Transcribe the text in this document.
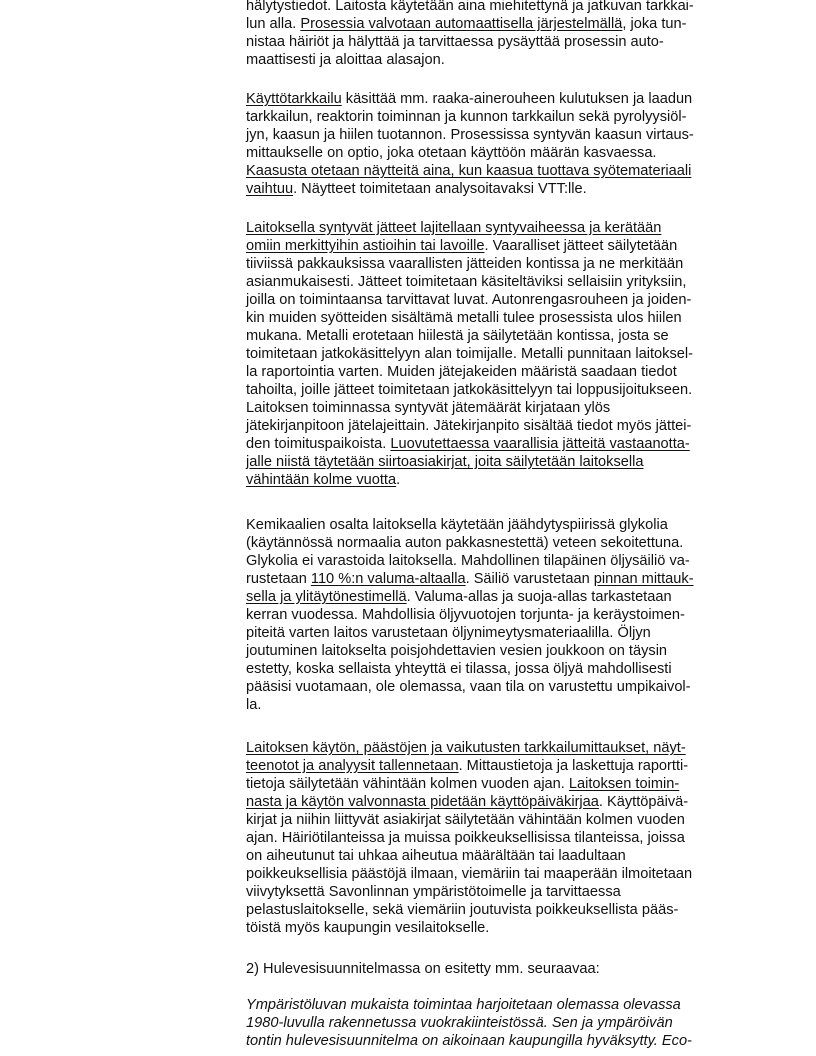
hälytystiedot. Laitosta käytetään aina miehitettynä ja jatkuvan tarkkai-
lun alla. Prosessia valvotaan automaattisella järjestelmällä, joka tun-
nistaa häiriöt ja hälyttää ja tarvittaessa pysäyttää prosessin auto-
maattisesti ja aloittaa alasajon.
Käyttötarkkailu käsittää mm. raaka-ainerouheen kulutuksen ja laadun
tarkkailun, reaktorin toiminnan ja kunnon tarkkailun sekä pyrolyysiöl-
jyn, kaasun ja hiilen tuotannon. Prosessissa syntyvän kaasun virtaus-
mittaukselle on optio, joka otetaan käyttöön määrän kasvaessa.
Kaasusta otetaan näytteitä aina, kun kaasua tuottava syötemateriaali
vaihtuu. Näytteet toimitetaan analysoitavaksi VTT:lle.
Laitoksella syntyvät jätteet lajitellaan syntyvaiheessa ja kerätään
omiin merkittyihin astioihin tai lavoille. Vaaralliset jätteet säilytetään
tiiviissä pakkauksissa vaarallisten jätteiden kontissa ja ne merkitään
asianmukaisesti. Jätteet toimitetaan käsiteltäviksi sellaisiin yrityksiin,
joilla on toimintaansa tarvittavat luvat. Autonrengasrouheen ja joiden-
kin muiden syötteiden sisältämä metalli tulee prosessista ulos hiilen
mukana. Metalli erotetaan hiilestä ja säilytetään kontissa, josta se
toimitetaan jatkokäsittelyyn alan toimijalle. Metalli punnitaan laitoksel-
la raportointia varten. Muiden jätejakeiden määristä saadaan tiedot
tahoilta, joille jätteet toimitetaan jatkokäsittelyyn tai loppusijoitukseen.
Laitoksen toiminnassa syntyvät jätemäärät kirjataan ylös
jätekirjanpitoon jätelajeittain. Jätekirjanpito sisältää tiedot myös jättei-
den toimituspaikoista. Luovutettaessa vaarallisia jätteitä vastaanotta-
jalle niistä täytetään siirtoasiakirjat, joita säilytetään laitoksella
vähintään kolme vuotta.
Kemikaalien osalta laitoksella käytetään jäähdytyspiirissä glykolia
(käytännössä normaalia auton pakkasnestettä) veteen sekoitettuna.
Glykolia ei varastoida laitoksella. Mahdollinen tilapäinen öljysäiliö va-
rustetaan 110 %:n valuma-altaalla. Säiliö varustetaan pinnan mittauk-
sella ja ylitäytönestimellä. Valuma-allas ja suoja-allas tarkastetaan
kerran vuodessa. Mahdollisia öljyvuotojen torjunta- ja keräystoimen-
piteitä varten laitos varustetaan öljynimeytysmateriaalilla. Öljyn
joutuminen laitokselta poisjohdettavien vesien joukkoon on täysin
estetty, koska sellaista yhteyttä ei tilassa, jossa öljyä mahdollisesti
pääsisi vuotamaan, ole olemassa, vaan tila on varustettu umpikaivol-
la.
Laitoksen käytön, päästöjen ja vaikutusten tarkkailumittaukset, näyt-
teenotot ja analyysit tallennetaan. Mittaustietoja ja laskettuja raportti-
tietoja säilytetään vähintään kolmen vuoden ajan. Laitoksen toimin-
nasta ja käytön valvonnasta pidetään käyttöpäiväkirjaa. Käyttöpäivä-
kirjat ja niihin liittyvät asiakirjat säilytetään vähintään kolmen vuoden
ajan. Häiriötilanteissa ja muissa poikkeuksellisissa tilanteissa, joissa
on aiheutunut tai uhkaa aiheutua määrältään tai laadultaan
poikkeuksellisia päästöjä ilmaan, viemäriin tai maaperään ilmoitetaan
viivytyksettä Savonlinnan ympäristötoimelle ja tarvittaessa
pelastuslaitokselle, sekä viemäriin joutuvista poikkeuksellista pääs-
töistä myös kaupungin vesilaitokselle.
2) Hulevesisuunnitelmassa on esitetty mm. seuraavaa:
Ympäristöluvan mukaista toimintaa harjoitetaan olemassa olevassa
1980-luvulla rakennetussa vuokrakiinteistössä. Sen ja ympäröivän
tontin hulevesisuunnitelma on aikoinaan kaupungilla hyväksytty. Eco-
